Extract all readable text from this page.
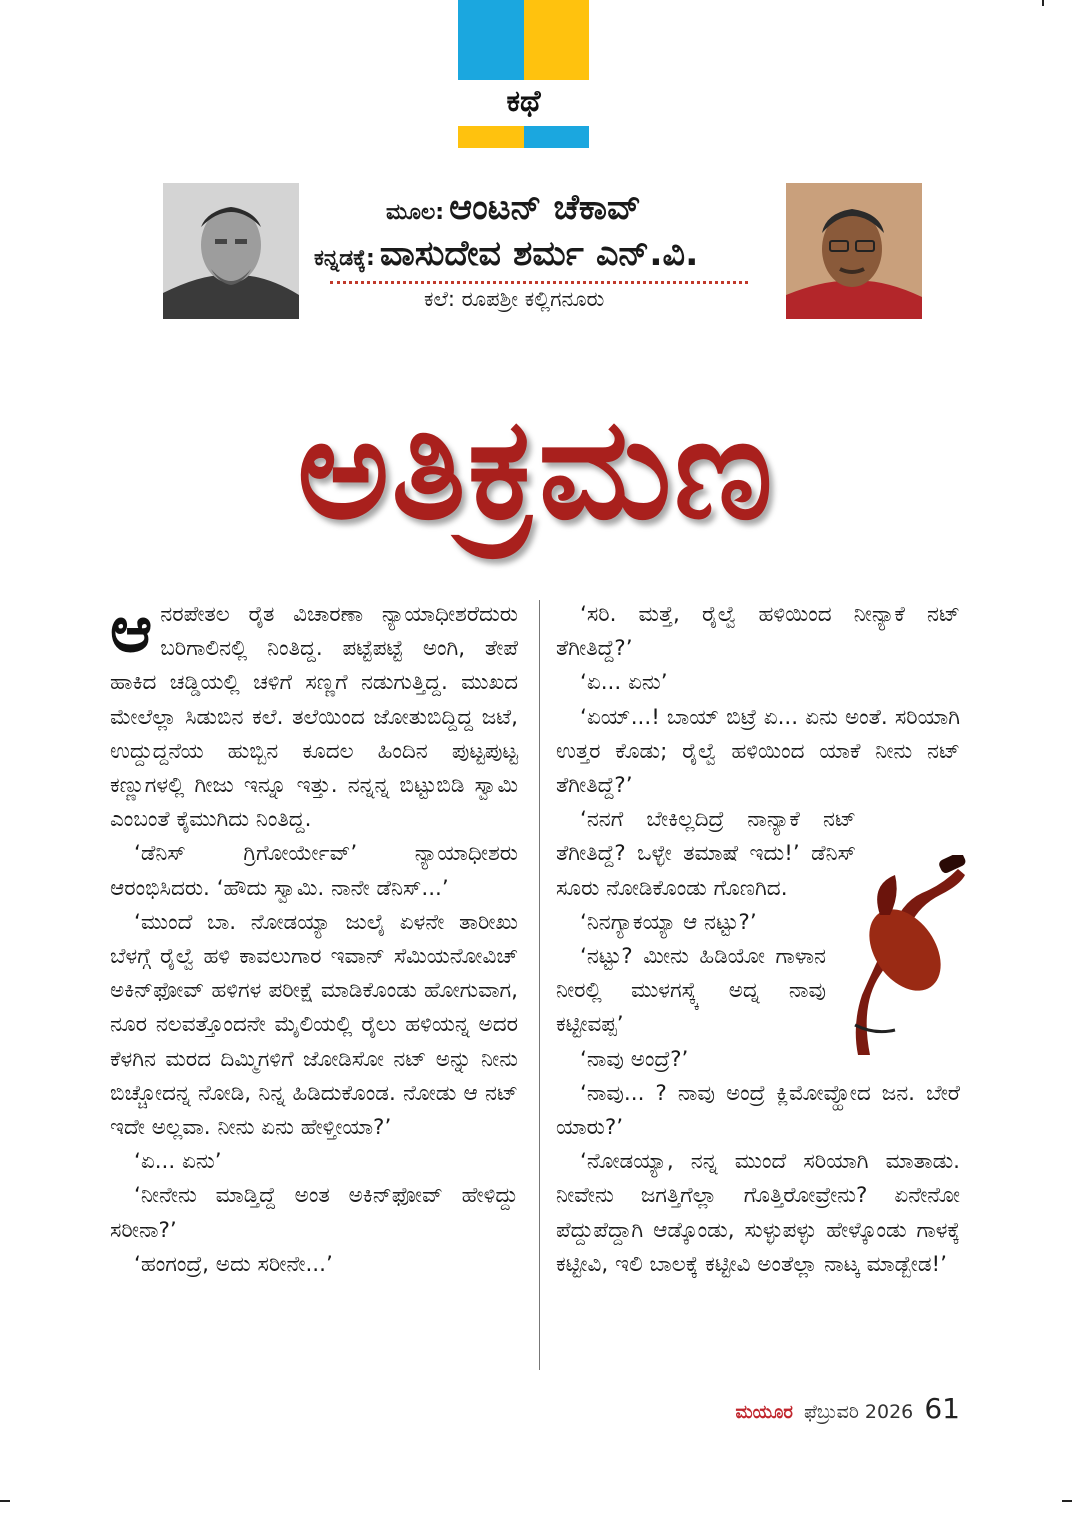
ಕಥೆ
ಮೂಲ: ಆಂಟನ್ ಚೆಕಾವ್
ಕನ್ನಡಕ್ಕೆ: ವಾಸುದೇವ ಶರ್ಮ ಎನ್.ವಿ.
ಕಲೆ: ರೂಪಶ್ರೀ ಕಲ್ಲಿಗನೂರು
ಅತಿಕ್ರಮಣ

ಆನರಪೇತಲ ರೈತ ವಿಚಾರಣಾ ನ್ಯಾಯಾಧೀಶರೆದುರು ಬರಿಗಾಲಿನಲ್ಲಿ ನಿಂತಿದ್ದ. ಪಟ್ಟೆಪಟ್ಟೆ ಅಂಗಿ, ತೇಪೆ ಹಾಕಿದ ಚಡ್ಡಿಯಲ್ಲಿ ಚಳಿಗೆ ಸಣ್ಣಗೆ ನಡುಗುತ್ತಿದ್ದ. ಮುಖದ ಮೇಲೆಲ್ಲಾ ಸಿಡುಬಿನ ಕಲೆ. ತಲೆಯಿಂದ ಜೋತುಬಿದ್ದಿದ್ದ ಜಟೆ, ಉದ್ದುದ್ದನೆಯ ಹುಬ್ಬಿನ ಕೂದಲ ಹಿಂದಿನ ಪುಟ್ಟಪುಟ್ಟ ಕಣ್ಣುಗಳಲ್ಲಿ ಗೀಜು ಇನ್ನೂ ಇತ್ತು. ನನ್ನನ್ನ ಬಿಟ್ಟುಬಿಡಿ ಸ್ವಾಮಿ ಎಂಬಂತೆ ಕೈಮುಗಿದು ನಿಂತಿದ್ದ.

‘ಡೆನಿಸ್ ಗ್ರಿಗೋರ್ಯೇವ್’ ನ್ಯಾಯಾಧೀಶರು ಆರಂಭಿಸಿದರು. ‘ಹೌದು ಸ್ವಾಮಿ. ನಾನೇ ಡೆನಿಸ್...’

‘ಮುಂದೆ ಬಾ. ನೋಡಯ್ಯಾ ಜುಲೈ ಏಳನೇ ತಾರೀಖು ಬೆಳಗ್ಗೆ ರೈಲ್ವೆ ಹಳಿ ಕಾವಲುಗಾರ ಇವಾನ್ ಸೆಮಿಯನೋವಿಚ್ ಅಕಿನ್‌ಫೋವ್ ಹಳಿಗಳ ಪರೀಕ್ಷೆ ಮಾಡಿಕೊಂಡು ಹೋಗುವಾಗ, ನೂರ ನಲವತ್ತೊಂದನೇ ಮೈಲಿಯಲ್ಲಿ ರೈಲು ಹಳಿಯನ್ನ ಅದರ ಕೆಳಗಿನ ಮರದ ದಿಮ್ಮಿಗಳಿಗೆ ಜೋಡಿಸೋ ನಟ್ ಅನ್ನು ನೀನು ಬಿಚ್ಚೋದನ್ನ ನೋಡಿ, ನಿನ್ನ ಹಿಡಿದುಕೊಂಡ. ನೋಡು ಆ ನಟ್ ಇದೇ ಅಲ್ಲವಾ. ನೀನು ಏನು ಹೇಳ್ತೀಯಾ?’

‘ಏ... ಏನು’

‘ನೀನೇನು ಮಾಡ್ತಿದ್ದೆ ಅಂತ ಅಕಿನ್‌ಫೋವ್ ಹೇಳಿದ್ದು ಸರೀನಾ?’

‘ಹಂಗಂದ್ರೆ, ಅದು ಸರೀನೇ...’

‘ಸರಿ. ಮತ್ತೆ, ರೈಲ್ವೆ ಹಳಿಯಿಂದ ನೀನ್ಯಾಕೆ ನಟ್ ತೆಗೀತಿದ್ದೆ?’

‘ಏ... ಏನು’

‘ಏಯ್...! ಬಾಯ್ ಬಿಟ್ರೆ ಏ... ಏನು ಅಂತೆ. ಸರಿಯಾಗಿ ಉತ್ತರ ಕೊಡು; ರೈಲ್ವೆ ಹಳಿಯಿಂದ ಯಾಕೆ ನೀನು ನಟ್ ತೆಗೀತಿದ್ದೆ?’

‘ನನಗೆ ಬೇಕಿಲ್ಲದಿದ್ರೆ ನಾನ್ಯಾಕೆ ನಟ್ ತೆಗೀತಿದ್ದೆ? ಒಳ್ಳೇ ತಮಾಷೆ ಇದು!’ ಡೆನಿಸ್ ಸೂರು ನೋಡಿಕೊಂಡು ಗೊಣಗಿದ.

‘ನಿನಗ್ಯಾಕಯ್ಯಾ ಆ ನಟ್ಟು?’

‘ನಟ್ಟು? ಮೀನು ಹಿಡಿಯೋ ಗಾಳಾನ ನೀರಲ್ಲಿ ಮುಳಗಸ್ಕ್ಕೆ ಅದ್ನ ನಾವು ಕಟ್ಟೀವಪ್ಪ’

‘ನಾವು ಅಂದ್ರೆ?’

‘ನಾವು... ? ನಾವು ಅಂದ್ರೆ ಕ್ಲಿಮೋವ್ಹೋದ ಜನ. ಬೇರೆ ಯಾರು?’

‘ನೋಡಯ್ಯಾ, ನನ್ನ ಮುಂದೆ ಸರಿಯಾಗಿ ಮಾತಾಡು. ನೀವೇನು ಜಗತ್ತಿಗೆಲ್ಲಾ ಗೊತ್ತಿರೋವ್ರೇನು? ಏನೇನೋ ಪೆದ್ದುಪೆದ್ದಾಗಿ ಆಡ್ಕೊಂಡು, ಸುಳ್ಳುಪಳ್ಳು ಹೇಳ್ಕೊಂಡು ಗಾಳಕ್ಕೆ ಕಟ್ಟೀವಿ, ಇಲಿ ಬಾಲಕ್ಕೆ ಕಟ್ಟೀವಿ ಅಂತೆಲ್ಲಾ ನಾಟ್ಕ ಮಾಡ್ಬೇಡ!’

ಮಯೂರ ಫೆಬ್ರುವರಿ 2026 61
